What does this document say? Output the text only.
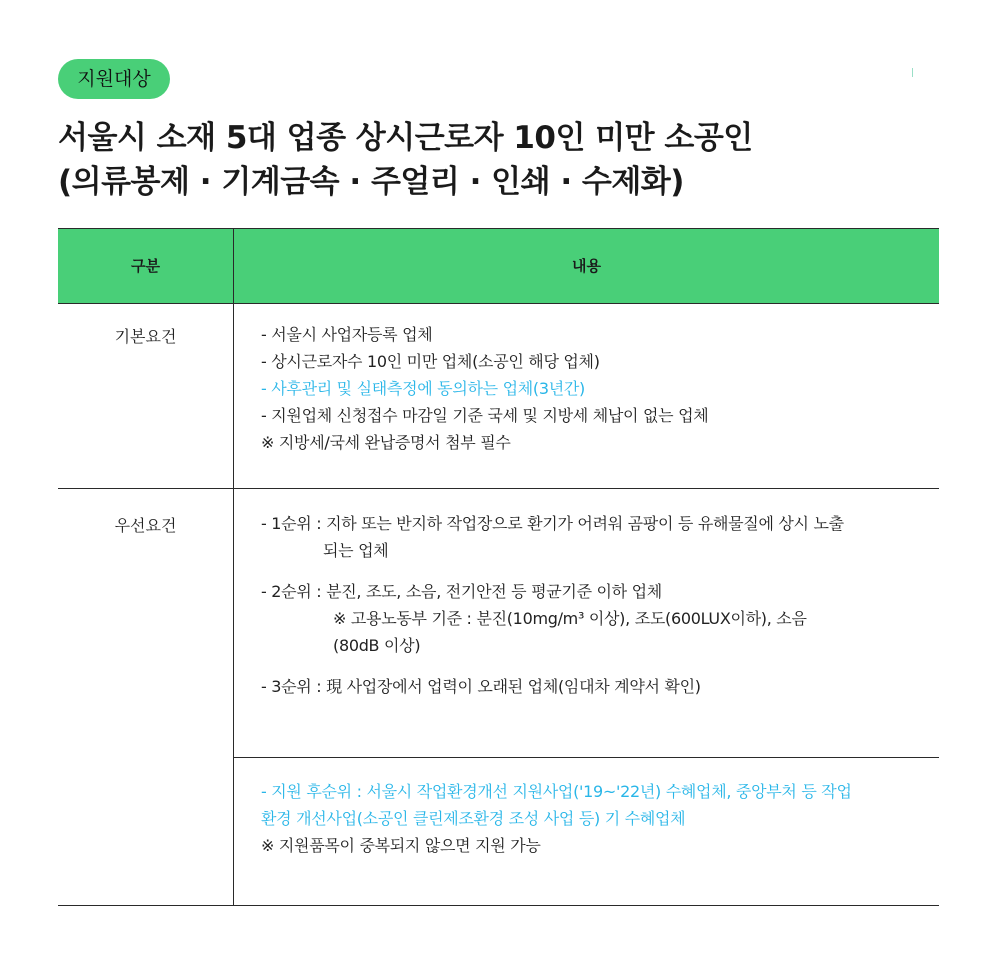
지원대상
서울시 소재 5대 업종 상시근로자 10인 미만 소공인
(의류봉제 · 기계금속 · 주얼리 · 인쇄 · 수제화)
구분	내용
기본요건	- 서울시 사업자등록 업체
- 상시근로자수 10인 미만 업체(소공인 해당 업체)
- 사후관리 및 실태측정에 동의하는 업체(3년간)
- 지원업체 신청접수 마감일 기준 국세 및 지방세 체납이 없는 업체
※ 지방세/국세 완납증명서 첨부 필수
우선요건	- 1순위 : 지하 또는 반지하 작업장으로 환기가 어려워 곰팡이 등 유해물질에 상시 노출
되는 업체
- 2순위 : 분진, 조도, 소음, 전기안전 등 평균기준 이하 업체
※ 고용노동부 기준 : 분진(10mg/m³ 이상), 조도(600LUX이하), 소음
(80dB 이상)
- 3순위 : 現 사업장에서 업력이 오래된 업체(임대차 계약서 확인)
- 지원 후순위 : 서울시 작업환경개선 지원사업('19~'22년) 수혜업체, 중앙부처 등 작업
환경 개선사업(소공인 클린제조환경 조성 사업 등) 기 수혜업체
※ 지원품목이 중복되지 않으면 지원 가능
